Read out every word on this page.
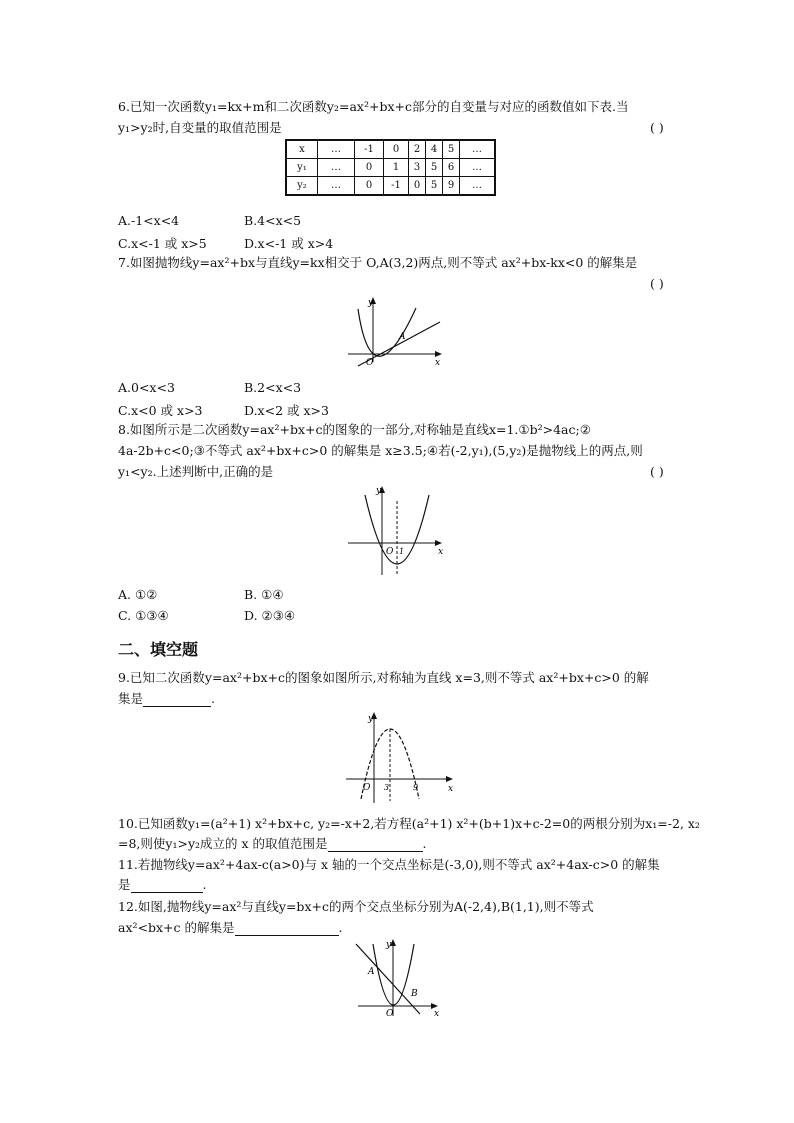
6.已知一次函数y₁=kx+m和二次函数y₂=ax²+bx+c部分的自变量与对应的函数值如下表.当
y₁>y₂时,自变量的取值范围是	( )
x	…	-1	0	2	4	5	…
y₁	…	0	1	3	5	6	…
y₂	…	0	-1	0	5	9	…
A.-1<x<4	B.4<x<5
C.x<-1 或 x>5	D.x<-1 或 x>4
7.如图抛物线y=ax²+bx与直线y=kx相交于 O,A(3,2)两点,则不等式 ax²+bx-kx<0 的解集是
( )
y
x
O
A
A.0<x<3	B.2<x<3
C.x<0 或 x>3	D.x<2 或 x>3
8.如图所示是二次函数y=ax²+bx+c的图象的一部分,对称轴是直线x=1.①b²>4ac;②
4a-2b+c<0;③不等式 ax²+bx+c>0 的解集是 x≥3.5;④若(-2,y₁),(5,y₂)是抛物线上的两点,则
y₁<y₂.上述判断中,正确的是	( )
y
x
O 1
A. ①②	B. ①④
C. ①③④	D. ②③④
二、填空题
9.已知二次函数y=ax²+bx+c的图象如图所示,对称轴为直线 x=3,则不等式 ax²+bx+c>0 的解
集是	.
y
x
O 3	9
10.已知函数y₁=(a²+1) x²+bx+c, y₂=-x+2,若方程(a²+1) x²+(b+1)x+c-2=0的两根分别为x₁=-2, x₂
=8,则使y₁>y₂成立的 x 的取值范围是	.
11.若抛物线y=ax²+4ax-c(a>0)与 x 轴的一个交点坐标是(-3,0),则不等式 ax²+4ax-c>0 的解集
是	.
12.如图,抛物线y=ax²与直线y=bx+c的两个交点坐标分别为A(-2,4),B(1,1),则不等式
ax²<bx+c 的解集是	.
y
x
O
A
B
